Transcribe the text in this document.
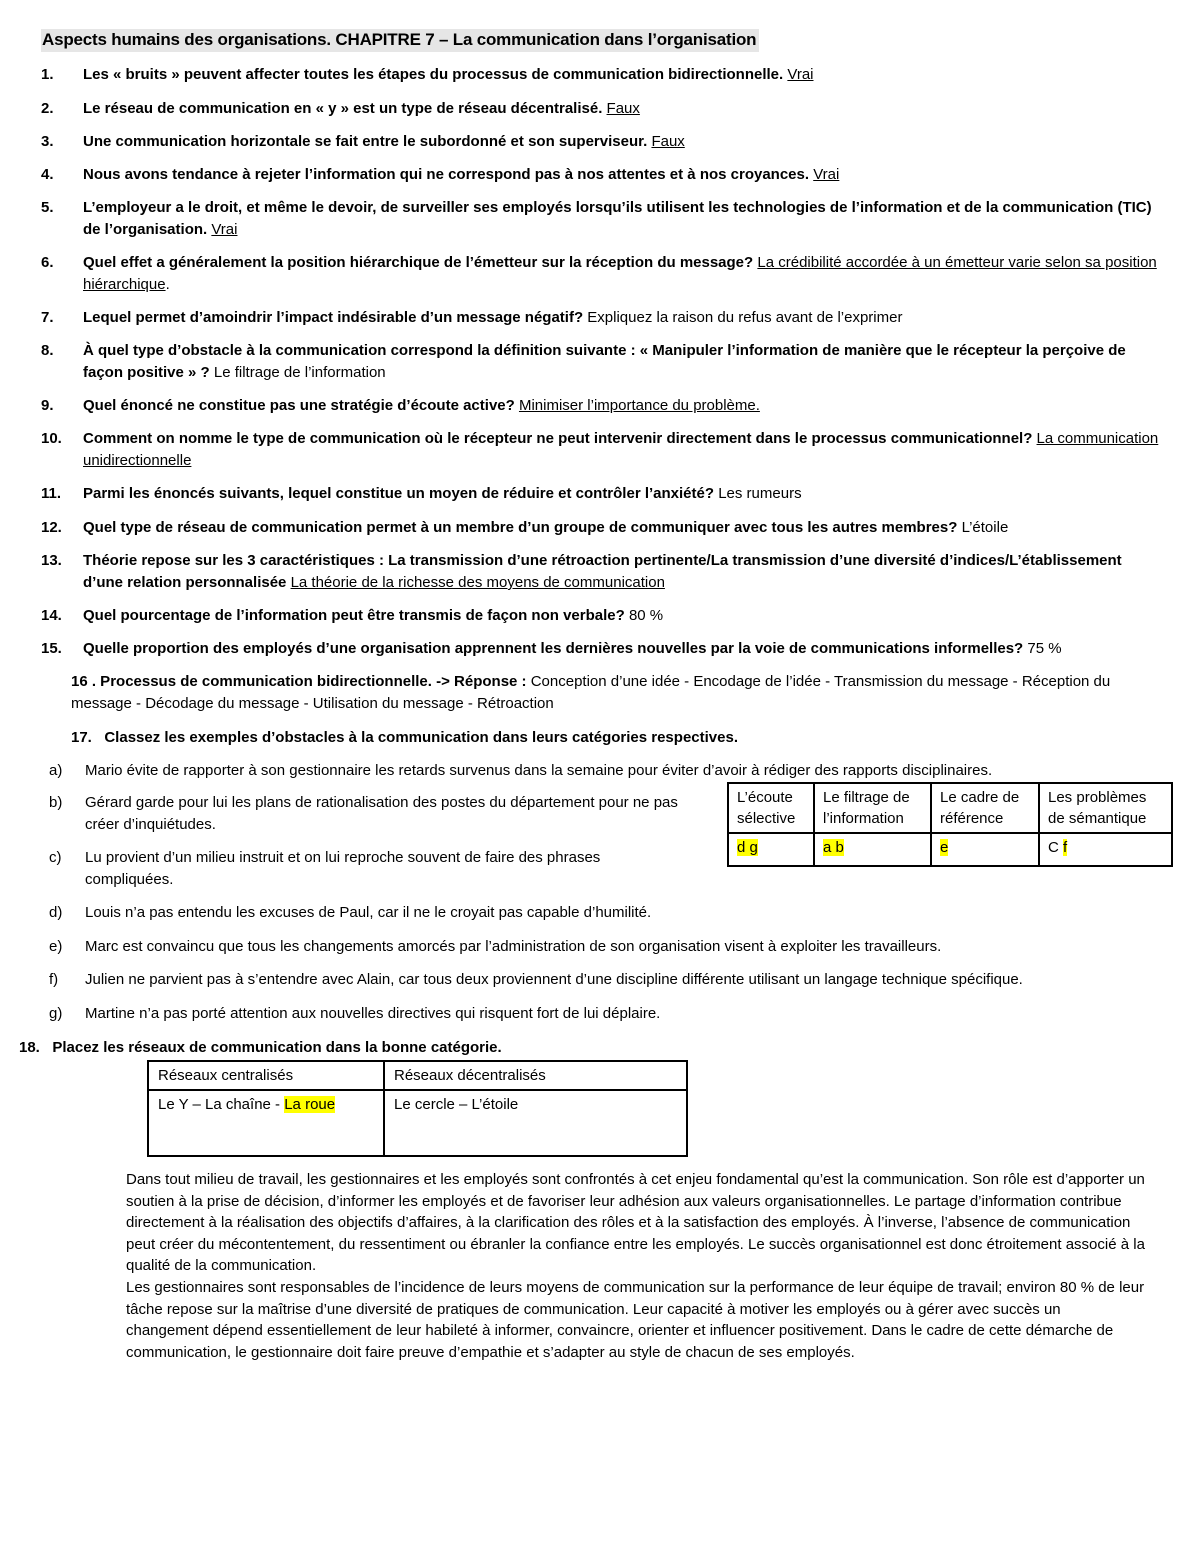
Aspects humains des organisations. CHAPITRE 7 – La communication dans l’organisation
1.	Les « bruits » peuvent affecter toutes les étapes du processus de communication bidirectionnelle. Vrai
2.	Le réseau de communication en « y » est un type de réseau décentralisé. Faux
3.	Une communication horizontale se fait entre le subordonné et son superviseur. Faux
4.	Nous avons tendance à rejeter l’information qui ne correspond pas à nos attentes et à nos croyances. Vrai
5.	L’employeur a le droit, et même le devoir, de surveiller ses employés lorsqu’ils utilisent les technologies de l’information et de la communication (TIC) de l’organisation. Vrai
6.	Quel effet a généralement la position hiérarchique de l’émetteur sur la réception du message? La crédibilité accordée à un émetteur varie selon sa position hiérarchique.
7.	Lequel permet d’amoindrir l’impact indésirable d’un message négatif? Expliquez la raison du refus avant de l’exprimer
8.	À quel type d’obstacle à la communication correspond la définition suivante : « Manipuler l’information de manière que le récepteur la perçoive de façon positive » ? Le filtrage de l’information
9.	Quel énoncé ne constitue pas une stratégie d’écoute active? Minimiser l’importance du problème.
10.	Comment on nomme le type de communication où le récepteur ne peut intervenir directement dans le processus communicationnel? La communication unidirectionnelle
11.	Parmi les énoncés suivants, lequel constitue un moyen de réduire et contrôler l’anxiété? Les rumeurs
12.	Quel type de réseau de communication permet à un membre d’un groupe de communiquer avec tous les autres membres? L’étoile
13.	Théorie repose sur les 3 caractéristiques : La transmission d’une rétroaction pertinente/La transmission d’une diversité d’indices/L’établissement d’une relation personnalisée La théorie de la richesse des moyens de communication
14.	Quel pourcentage de l’information peut être transmis de façon non verbale? 80 %
15.	Quelle proportion des employés d’une organisation apprennent les dernières nouvelles par la voie de communications informelles? 75 %
16 . Processus de communication bidirectionnelle. -> Réponse : Conception d’une idée - Encodage de l’idée - Transmission du message - Réception du message - Décodage du message - Utilisation du message - Rétroaction
17.   Classez les exemples d’obstacles à la communication dans leurs catégories respectives.
a)	Mario évite de rapporter à son gestionnaire les retards survenus dans la semaine pour éviter d’avoir à rédiger des rapports disciplinaires.
b)	Gérard garde pour lui les plans de rationalisation des postes du département pour ne pas créer d’inquiétudes.
c)	Lu provient d’un milieu instruit et on lui reproche souvent de faire des phrases compliquées.
d)	Louis n’a pas entendu les excuses de Paul, car il ne le croyait pas capable d’humilité.
e)	Marc est convaincu que tous les changements amorcés par l’administration de son organisation visent à exploiter les travailleurs.
f)	Julien ne parvient pas à s’entendre avec Alain, car tous deux proviennent d’une discipline différente utilisant un langage technique spécifique.
g)	Martine n’a pas porté attention aux nouvelles directives qui risquent fort de lui déplaire.
L’écoute sélective	Le filtrage de l’information	Le cadre de référence	Les problèmes de sémantique
d g	a b	e	C f
18.   Placez les réseaux de communication dans la bonne catégorie.
Réseaux centralisés	Réseaux décentralisés
Le Y – La chaîne - La roue	Le cercle – L’étoile
Dans tout milieu de travail, les gestionnaires et les employés sont confrontés à cet enjeu fondamental qu’est la communication. Son rôle est d’apporter un soutien à la prise de décision, d’informer les employés et de favoriser leur adhésion aux valeurs organisationnelles. Le partage d’information contribue directement à la réalisation des objectifs d’affaires, à la clarification des rôles et à la satisfaction des employés. À l’inverse, l’absence de communication peut créer du mécontentement, du ressentiment ou ébranler la confiance entre les employés. Le succès organisationnel est donc étroitement associé à la qualité de la communication.
Les gestionnaires sont responsables de l’incidence de leurs moyens de communication sur la performance de leur équipe de travail; environ 80 % de leur tâche repose sur la maîtrise d’une diversité de pratiques de communication. Leur capacité à motiver les employés ou à gérer avec succès un changement dépend essentiellement de leur habileté à informer, convaincre, orienter et influencer positivement. Dans le cadre de cette démarche de communication, le gestionnaire doit faire preuve d’empathie et s’adapter au style de chacun de ses employés.
